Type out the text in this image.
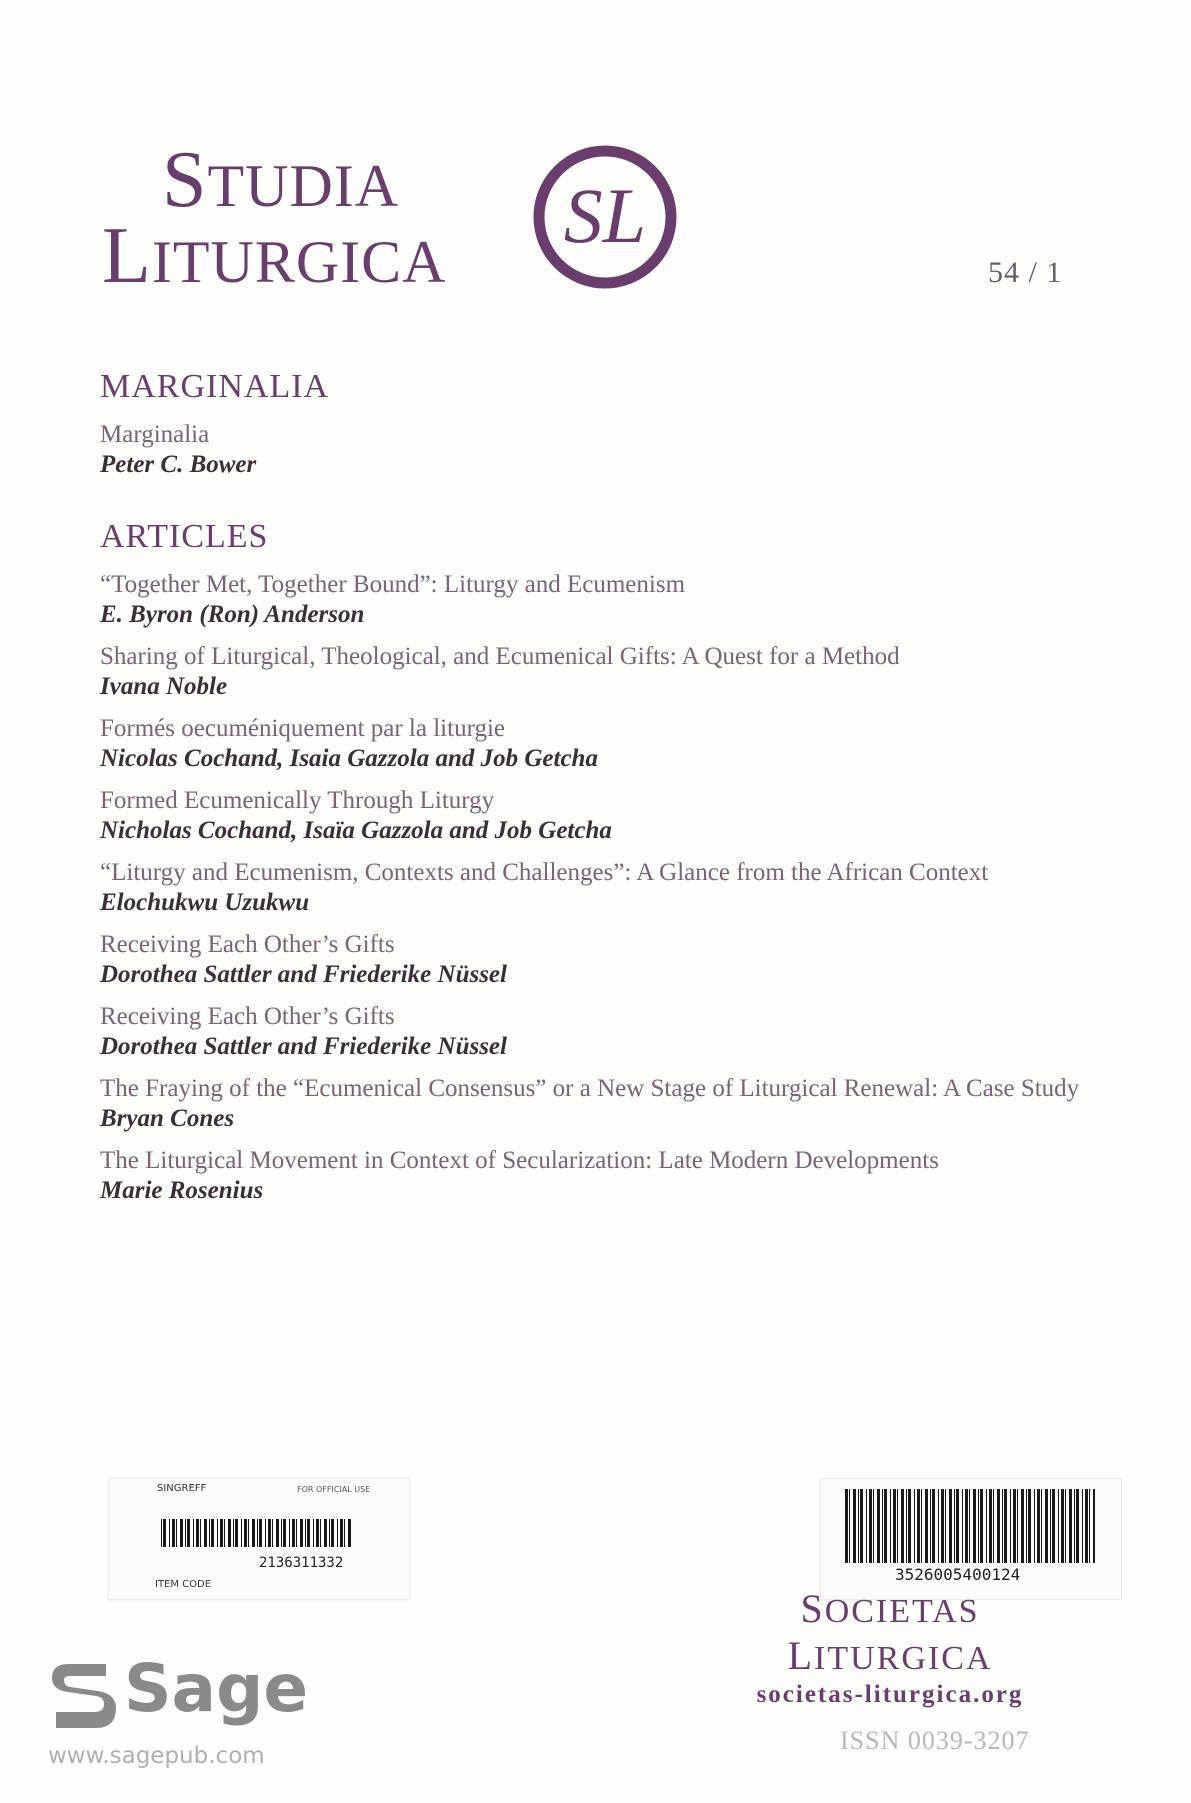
STUDIA
LITURGICA
SL
54 / 1
MARGINALIA
Marginalia
Peter C. Bower
ARTICLES
“Together Met, Together Bound”: Liturgy and Ecumenism
E. Byron (Ron) Anderson
Sharing of Liturgical, Theological, and Ecumenical Gifts: A Quest for a Method
Ivana Noble
Formés oecuméniquement par la liturgie
Nicolas Cochand, Isaia Gazzola and Job Getcha
Formed Ecumenically Through Liturgy
Nicholas Cochand, Isaïa Gazzola and Job Getcha
“Liturgy and Ecumenism, Contexts and Challenges”: A Glance from the African Context
Elochukwu Uzukwu
Receiving Each Other’s Gifts
Dorothea Sattler and Friederike Nüssel
Receiving Each Other’s Gifts
Dorothea Sattler and Friederike Nüssel
The Fraying of the “Ecumenical Consensus” or a New Stage of Liturgical Renewal: A Case Study
Bryan Cones
The Liturgical Movement in Context of Secularization: Late Modern Developments
Marie Rosenius
SINGREFF	FOR OFFICIAL USE
2136311332
ITEM CODE
3526005400124
SOCIETAS LITURGICA
societas-liturgica.org
Sage
www.sagepub.com
ISSN 0039-3207
